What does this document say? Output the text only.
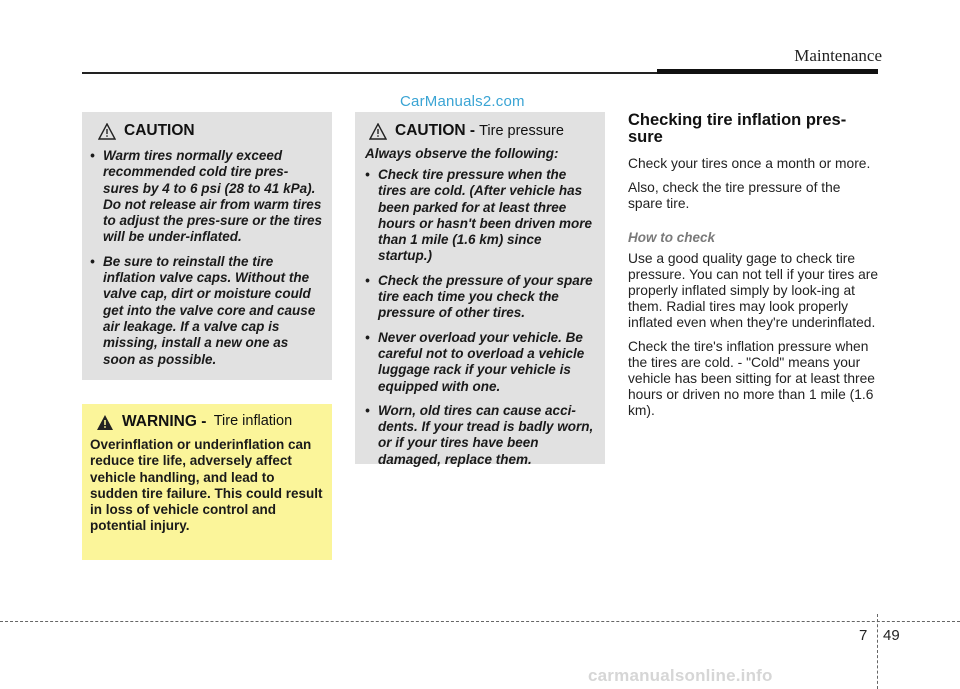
Maintenance
CarManuals2.com
CAUTION
• Warm tires normally exceed recommended cold tire pres-sures by 4 to 6 psi (28 to 41 kPa). Do not release air from warm tires to adjust the pres-sure or the tires will be under-inflated.
• Be sure to reinstall the tire inflation valve caps. Without the valve cap, dirt or moisture could get into the valve core and cause air leakage. If a valve cap is missing, install a new one as soon as possible.
WARNING - Tire inflation
Overinflation or underinflation can reduce tire life, adversely affect vehicle handling, and lead to sudden tire failure. This could result in loss of vehicle control and potential injury.
CAUTION - Tire pressure
Always observe the following:
• Check tire pressure when the tires are cold. (After vehicle has been parked for at least three hours or hasn't been driven more than 1 mile (1.6 km) since startup.)
• Check the pressure of your spare tire each time you check the pressure of other tires.
• Never overload your vehicle. Be careful not to overload a vehicle luggage rack if your vehicle is equipped with one.
• Worn, old tires can cause acci-dents. If your tread is badly worn, or if your tires have been damaged, replace them.
Checking tire inflation pres-sure

Check your tires once a month or more.

Also, check the tire pressure of the spare tire.

How to check

Use a good quality gage to check tire pressure. You can not tell if your tires are properly inflated simply by look-ing at them. Radial tires may look properly inflated even when they're underinflated.

Check the tire's inflation pressure when the tires are cold. - "Cold" means your vehicle has been sitting for at least three hours or driven no more than 1 mile (1.6 km).

7 49
carmanualsonline.info
